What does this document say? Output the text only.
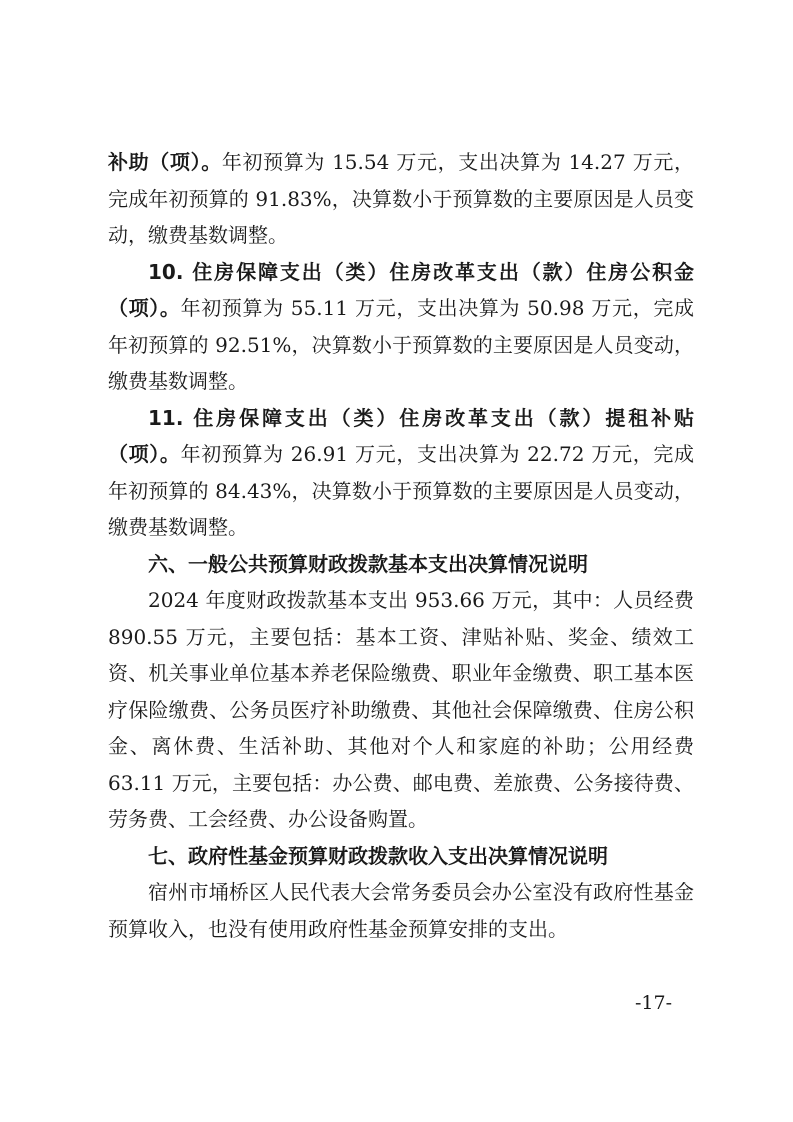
补助（项）。年初预算为 15.54 万元，支出决算为 14.27 万元，完成年初预算的 91.83%，决算数小于预算数的主要原因是人员变动，缴费基数调整。

10. 住房保障支出（类）住房改革支出（款）住房公积金（项）。年初预算为 55.11 万元，支出决算为 50.98 万元，完成年初预算的 92.51%，决算数小于预算数的主要原因是人员变动，缴费基数调整。

11. 住房保障支出（类）住房改革支出（款）提租补贴（项）。年初预算为 26.91 万元，支出决算为 22.72 万元，完成年初预算的 84.43%，决算数小于预算数的主要原因是人员变动，缴费基数调整。

六、一般公共预算财政拨款基本支出决算情况说明

2024 年度财政拨款基本支出 953.66 万元，其中：人员经费 890.55 万元，主要包括：基本工资、津贴补贴、奖金、绩效工资、机关事业单位基本养老保险缴费、职业年金缴费、职工基本医疗保险缴费、公务员医疗补助缴费、其他社会保障缴费、住房公积金、离休费、生活补助、其他对个人和家庭的补助；公用经费 63.11 万元，主要包括：办公费、邮电费、差旅费、公务接待费、劳务费、工会经费、办公设备购置。

七、政府性基金预算财政拨款收入支出决算情况说明

宿州市埇桥区人民代表大会常务委员会办公室没有政府性基金预算收入，也没有使用政府性基金预算安排的支出。

-17-
